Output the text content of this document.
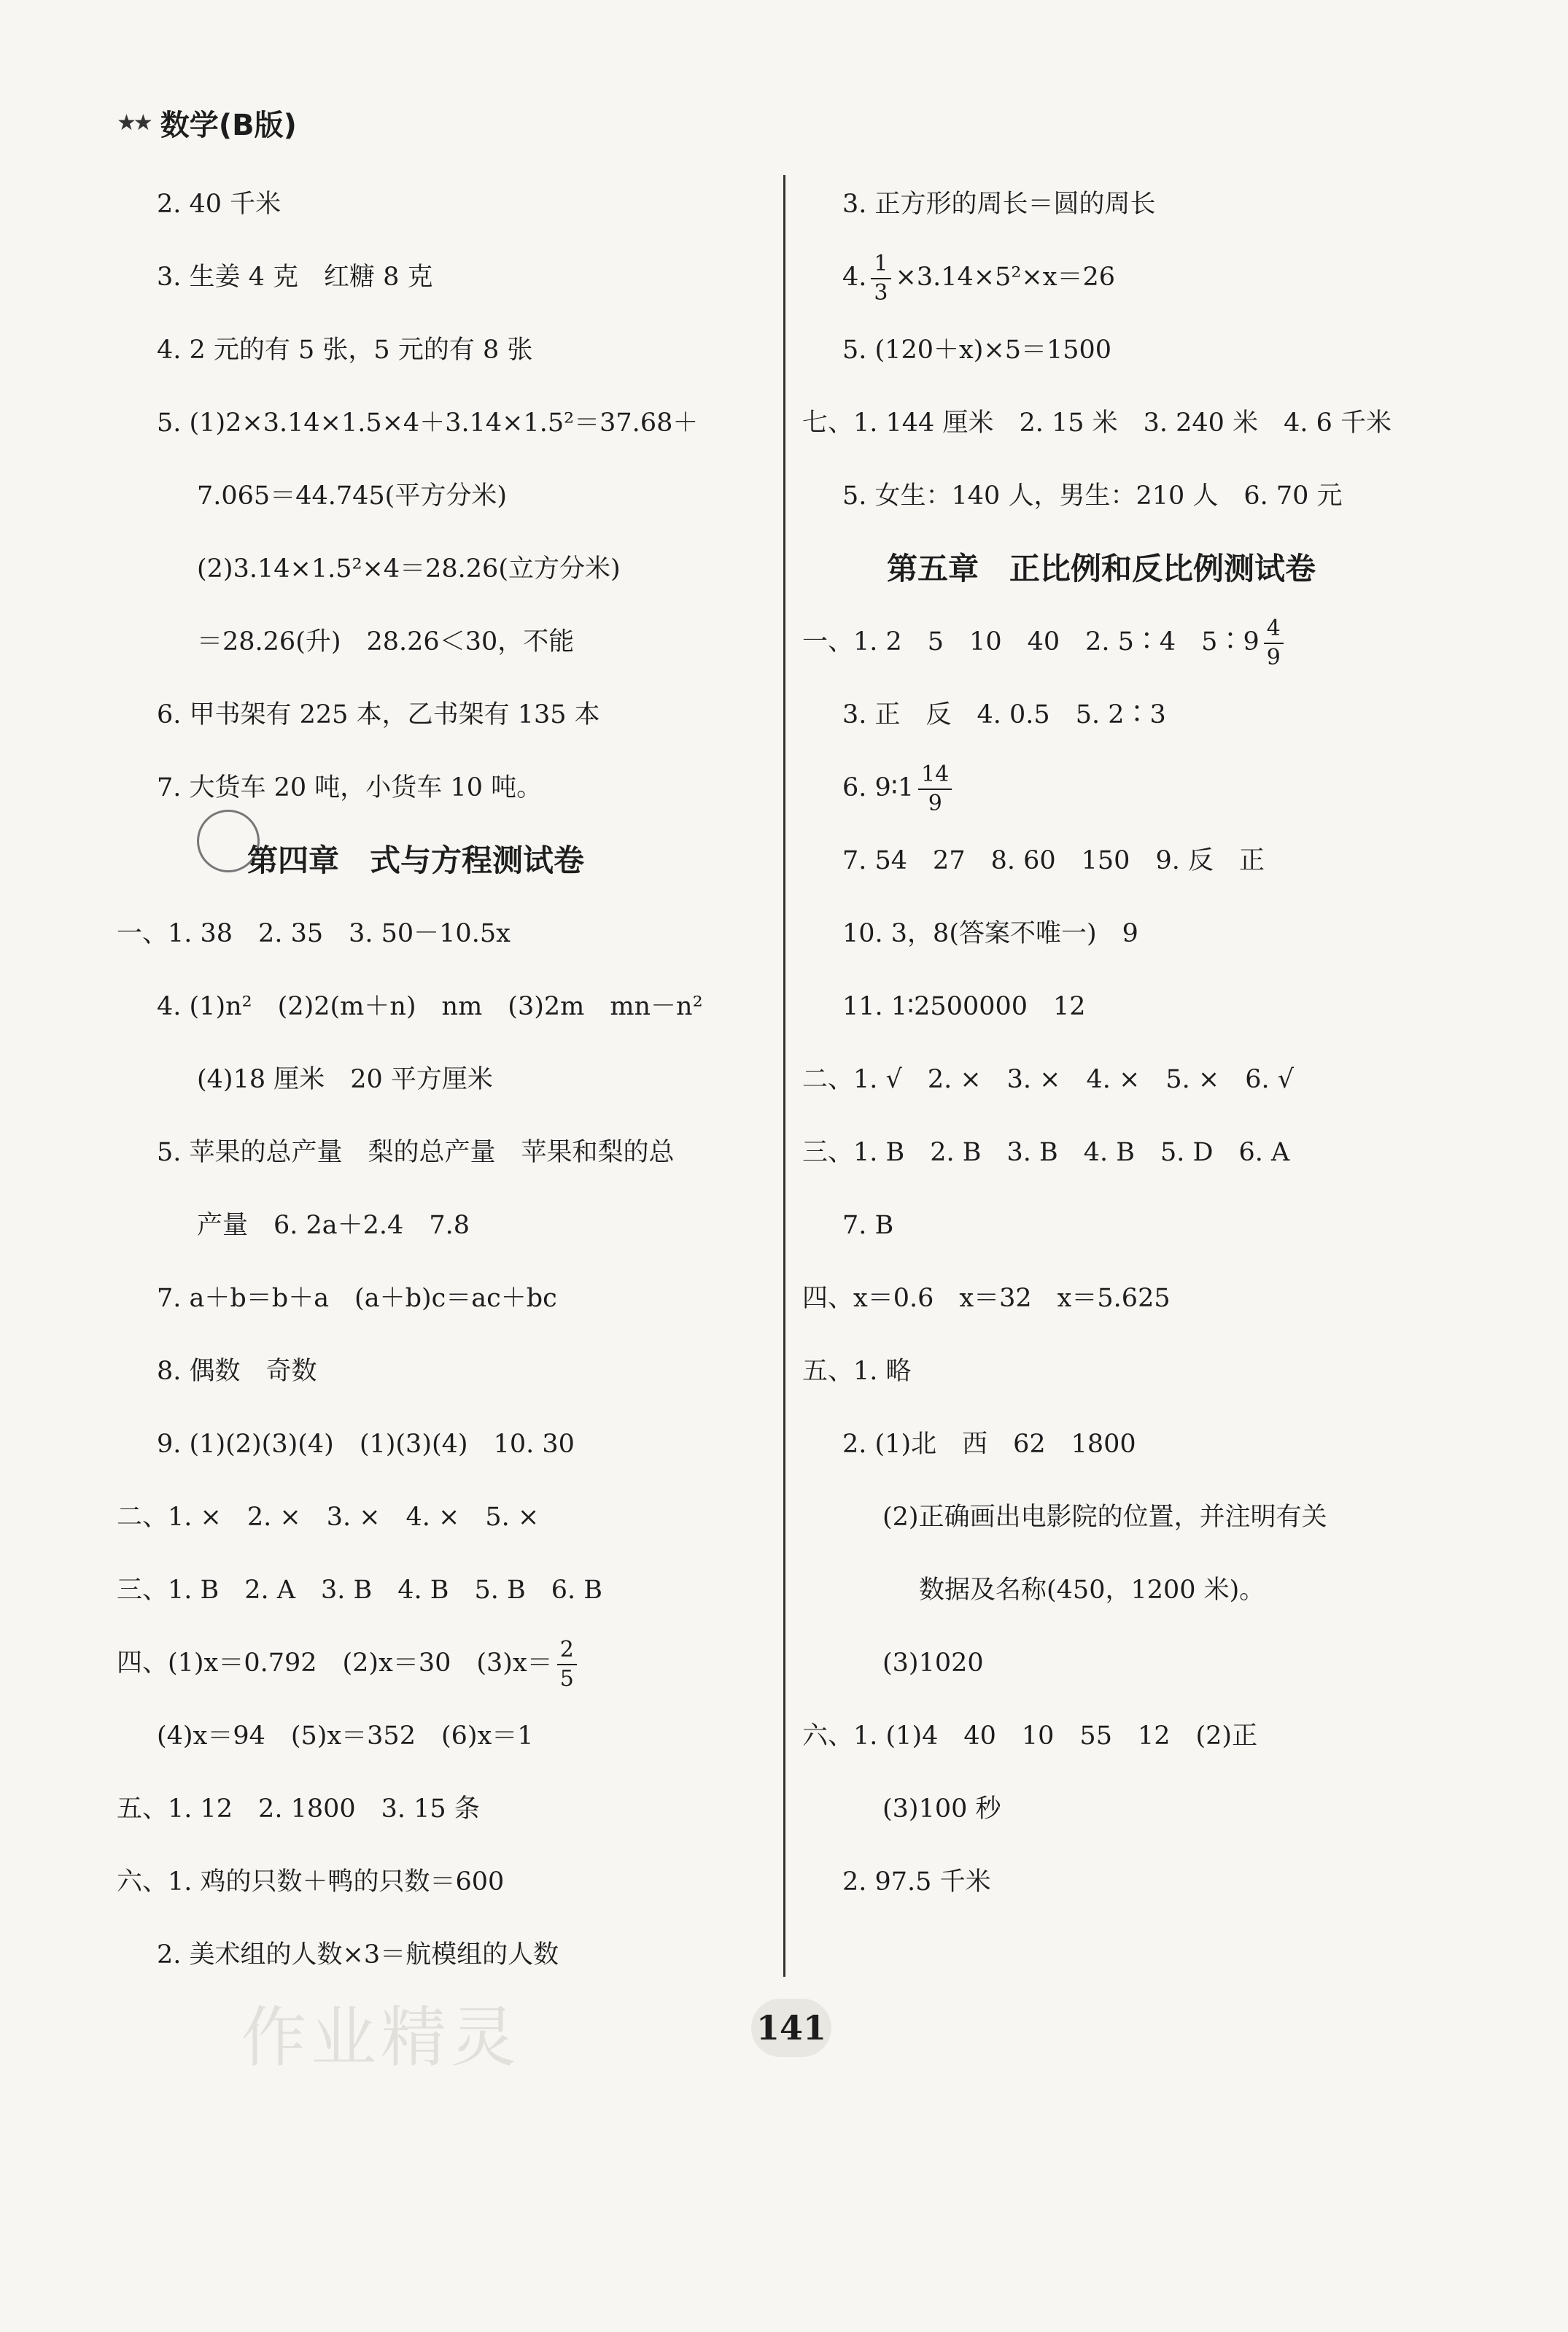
★★ 数学(B版)
2. 40 千米
3. 生姜 4 克　红糖 8 克
4. 2 元的有 5 张，5 元的有 8 张
5. (1)2×3.14×1.5×4＋3.14×1.5²＝37.68＋
7.065＝44.745(平方分米)
(2)3.14×1.5²×4＝28.26(立方分米)
＝28.26(升)　28.26＜30，不能
6. 甲书架有 225 本，乙书架有 135 本
7. 大货车 20 吨，小货车 10 吨。
第四章　式与方程测试卷
一、1. 38　2. 35　3. 50－10.5x
4. (1)n²　(2)2(m＋n)　nm　(3)2m　mn－n²
(4)18 厘米　20 平方厘米
5. 苹果的总产量　梨的总产量　苹果和梨的总
产量　6. 2a＋2.4　7.8
7. a＋b＝b＋a　(a＋b)c＝ac＋bc
8. 偶数　奇数
9. (1)(2)(3)(4)　(1)(3)(4)　10. 30
二、1. ×　2. ×　3. ×　4. ×　5. ×
三、1. B　2. A　3. B　4. B　5. B　6. B
四、(1)x＝0.792　(2)x＝30　$(3)x= \frac{2}{5}$
(4)x＝94　(5)x＝352　(6)x＝1
五、1. 12　2. 1800　3. 15 条
六、1. 鸡的只数＋鸭的只数＝600
2. 美术组的人数×3＝航模组的人数
3. 正方形的周长＝圆的周长
4. $\frac{1}{3} \times 3.14\times 5^2\times x=26$
5. (120＋x)×5＝1500
七、1. 144 厘米　2. 15 米　3. 240 米　4. 6 千米
5. 女生：140 人，男生：210 人　6. 70 元
第五章　正比例和反比例测试卷
一、1. 2　5　10　40　2. 5∶4　5∶9 $\frac{4}{9}$
3. 正　反　4. 0.5　5. 2∶3
6. 9∶1 $\frac{14}{9}$
7. 54　27　8. 60　150　9. 反　正
10. 3，8(答案不唯一)　9
11. 1∶2500000　12
二、1. √　2. ×　3. ×　4. ×　5. ×　6. √
三、1. B　2. B　3. B　4. B　5. D　6. A
7. B
四、x＝0.6　x＝32　x＝5.625
五、1. 略
2. (1)北　西　62　1800
(2)正确画出电影院的位置，并注明有关
数据及名称(450，1200 米)。
(3)1020
六、1. (1)4　40　10　55　12　(2)正
(3)100 秒
2. 97.5 千米
作业精灵	141
